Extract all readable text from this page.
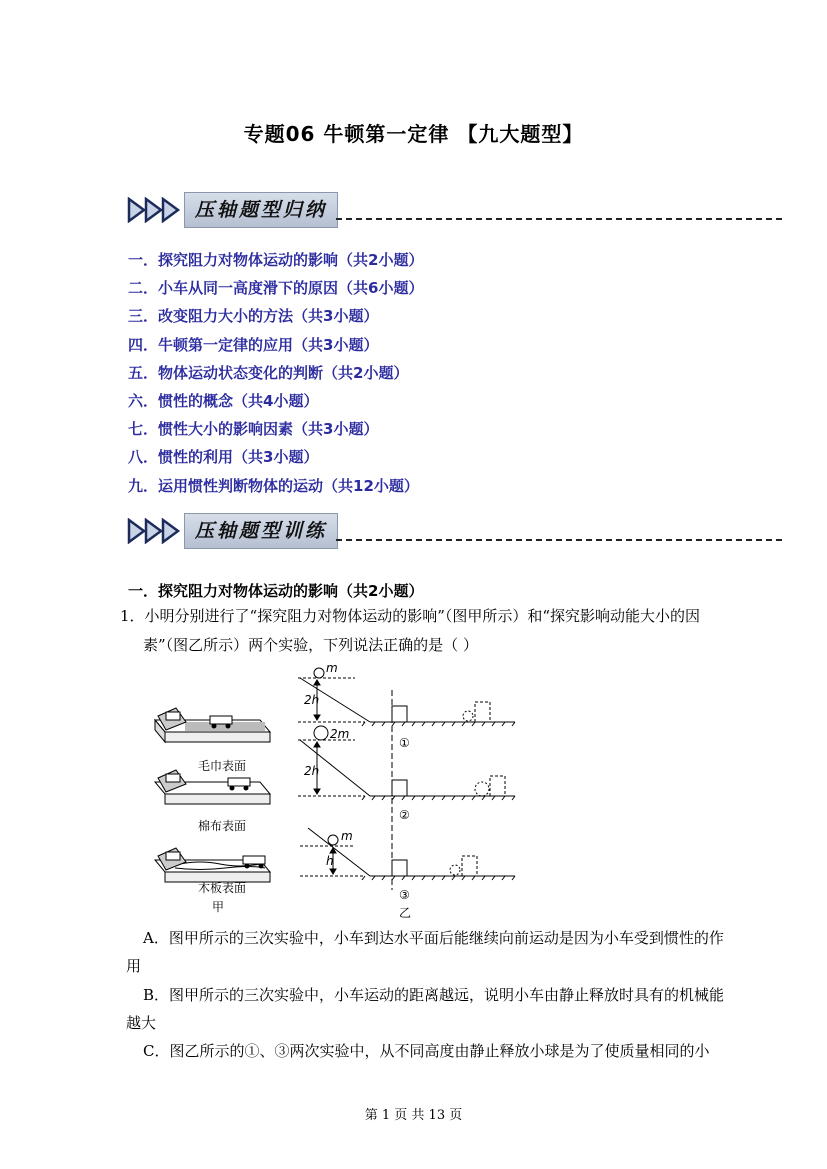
专题06 牛顿第一定律 【九大题型】
压轴题型归纳
一．探究阻力对物体运动的影响（共2小题）
二．小车从同一高度滑下的原因（共6小题）
三．改变阻力大小的方法（共3小题）
四．牛顿第一定律的应用（共3小题）
五．物体运动状态变化的判断（共2小题）
六．惯性的概念（共4小题）
七．惯性大小的影响因素（共3小题）
八．惯性的利用（共3小题）
九．运用惯性判断物体的运动（共12小题）
压轴题型训练
一．探究阻力对物体运动的影响（共2小题）
1．小明分别进行了“探究阻力对物体运动的影响”（图甲所示）和“探究影响动能大小的因
素”（图乙所示）两个实验，下列说法正确的是（ ）
毛巾表面
棉布表面
木板表面
甲
m
2m
m
2h
2h
h
①
②
③
乙
A．图甲所示的三次实验中，小车到达水平面后能继续向前运动是因为小车受到惯性的作
用
B．图甲所示的三次实验中，小车运动的距离越远，说明小车由静止释放时具有的机械能
越大
C．图乙所示的①、③两次实验中，从不同高度由静止释放小球是为了使质量相同的小
第 1 页 共 13 页
